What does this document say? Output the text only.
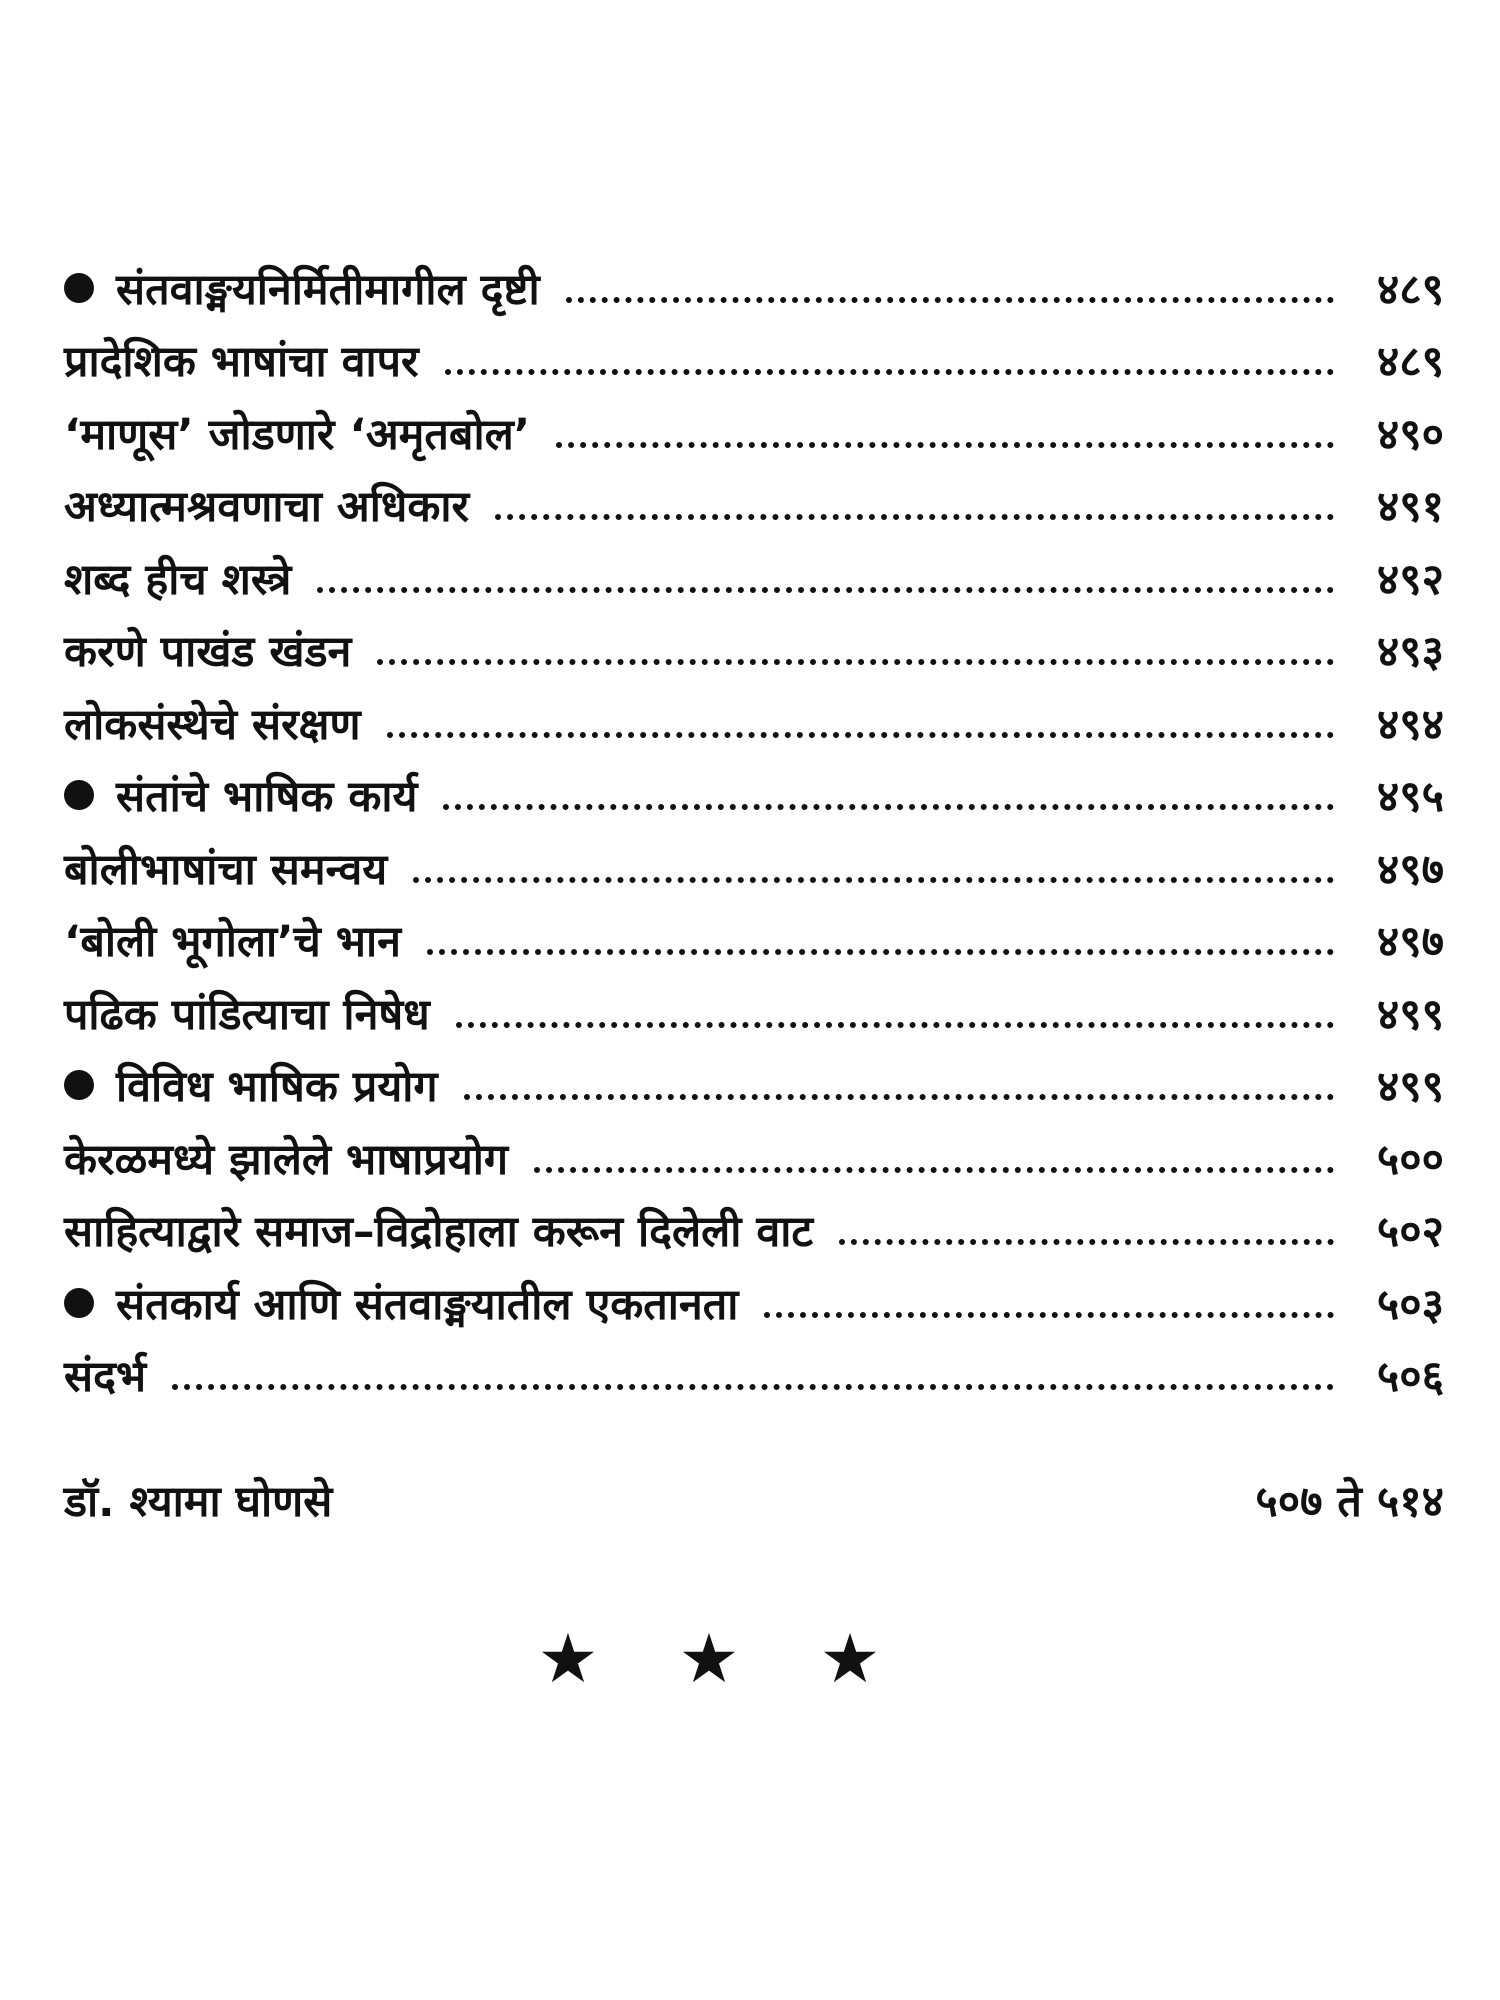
संतवाङ्मयनिर्मितीमागील दृष्टी	४८९
प्रादेशिक भाषांचा वापर	४८९
‘माणूस’ जोडणारे ‘अमृतबोल’	४९०
अध्यात्मश्रवणाचा अधिकार	४९१
शब्द हीच शस्त्रे	४९२
करणे पाखंड खंडन	४९३
लोकसंस्थेचे संरक्षण	४९४
संतांचे भाषिक कार्य	४९५
बोलीभाषांचा समन्वय	४९७
‘बोली भूगोला’चे भान	४९७
पढिक पांडित्याचा निषेध	४९९
विविध भाषिक प्रयोग	४९९
केरळमध्ये झालेले भाषाप्रयोग	५००
साहित्याद्वारे समाज–विद्रोहाला करून दिलेली वाट	५०२
संतकार्य आणि संतवाङ्मयातील एकतानता	५०३
संदर्भ	५०६
डॉ. श्यामा घोणसे	५०७ ते ५१४
★ ★ ★
